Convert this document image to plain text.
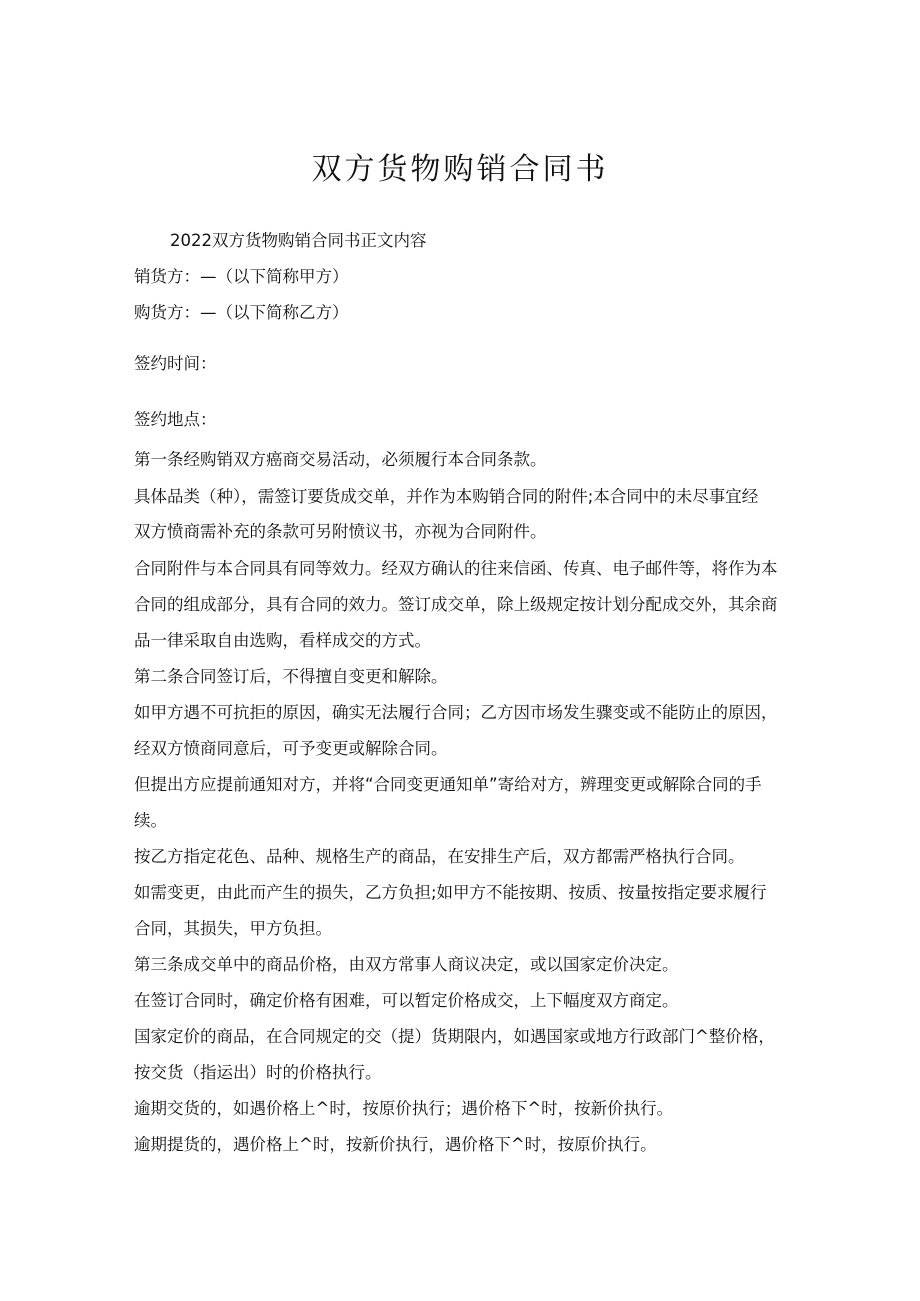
双方货物购销合同书

2022双方货物购销合同书正文内容

销货方：—（以下简称甲方）

购货方：—（以下简称乙方）

签约时间：

签约地点：

第一条经购销双方癌商交易活动，必须履行本合同条款。

具体品类（种），需签订要货成交单，并作为本购销合同的附件;本合同中的未尽事宜经

双方愤商需补充的条款可另附愤议书，亦视为合同附件。

合同附件与本合同具有同等效力。经双方确认的往来信函、传真、电子邮件等，将作为本

合同的组成部分，具有合同的效力。签订成交单，除上级规定按计划分配成交外，其余商

品一律采取自由选购，看样成交的方式。

第二条合同签订后，不得擅自变更和解除。

如甲方遇不可抗拒的原因，确实无法履行合同；乙方因市场发生骤变或不能防止的原因，

经双方愤商同意后，可予变更或解除合同。

但提出方应提前通知对方，并将“合同变更通知单”寄给对方，辨理变更或解除合同的手

续。

按乙方指定花色、品种、规格生产的商品，在安排生产后，双方都需严格执行合同。

如需变更，由此而产生的损失，乙方负担;如甲方不能按期、按质、按量按指定要求履行

合同，其损失，甲方负担。

第三条成交单中的商品价格，由双方常事人商议决定，或以国家定价决定。

在签订合同时，确定价格有困难，可以暂定价格成交，上下幅度双方商定。

国家定价的商品，在合同规定的交（提）货期限内，如遇国家或地方行政部门^整价格，

按交货（指运出）时的价格执行。

逾期交货的，如遇价格上^时，按原价执行；遇价格下^时，按新价执行。

逾期提货的，遇价格上^时，按新价执行，遇价格下^时，按原价执行。
